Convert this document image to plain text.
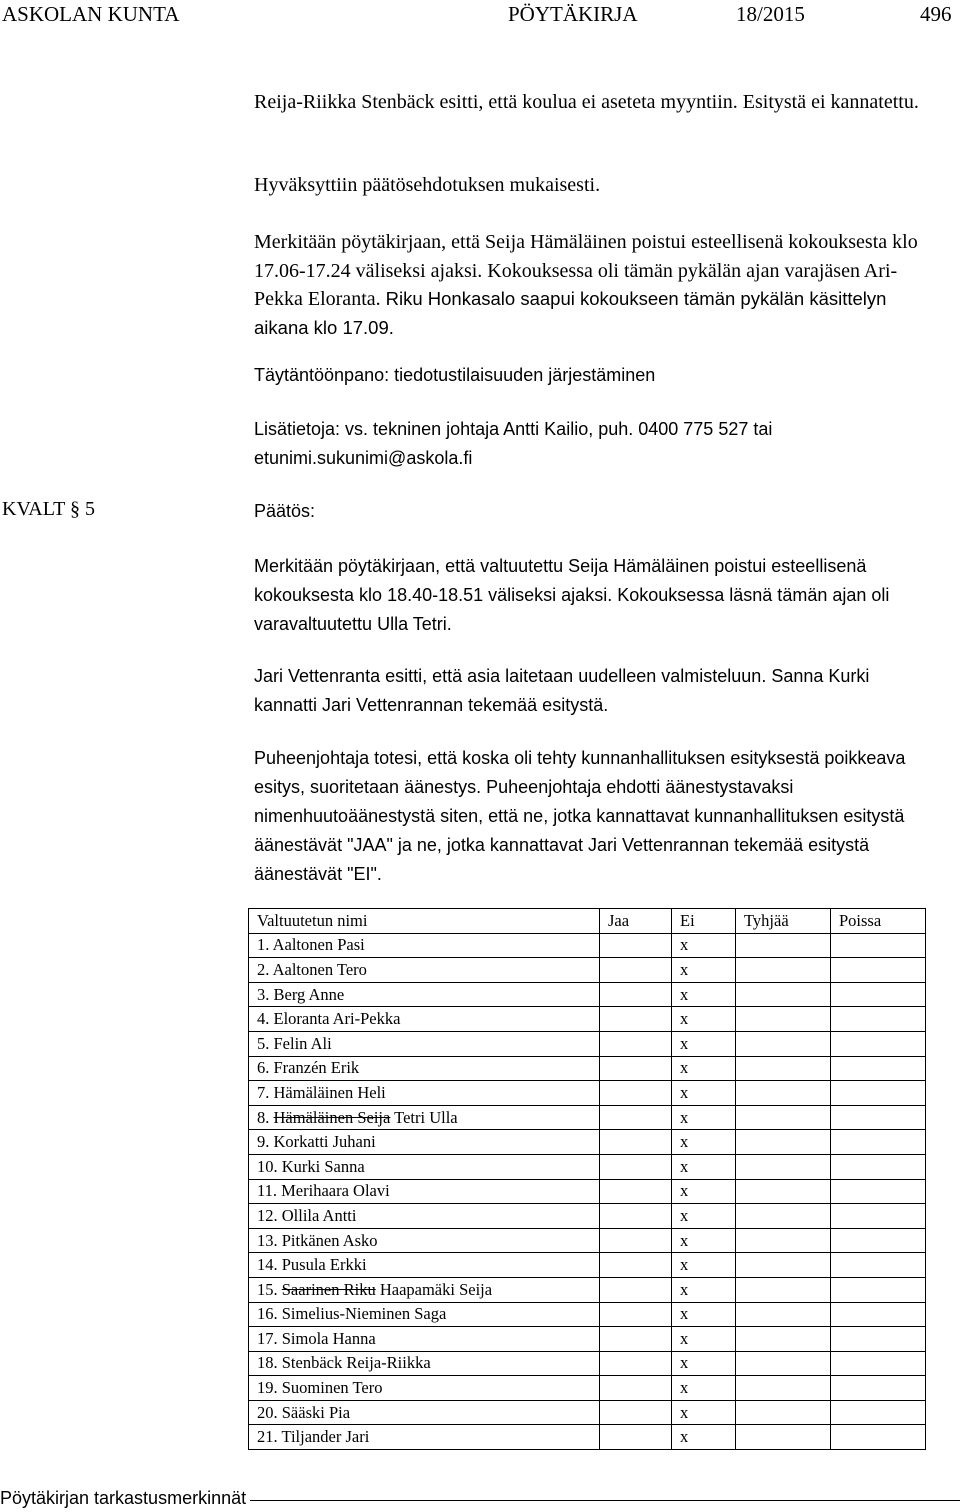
ASKOLAN KUNTA	PÖYTÄKIRJA	18/2015	496

Reija-Riikka Stenbäck esitti, että koulua ei aseteta myyntiin. Esitystä ei kannatettu.

Hyväksyttiin päätösehdotuksen mukaisesti.

Merkitään pöytäkirjaan, että Seija Hämäläinen poistui esteellisenä kokouksesta klo 17.06-17.24 väliseksi ajaksi. Kokouksessa oli tämän pykälän ajan varajäsen Ari-Pekka Eloranta. Riku Honkasalo saapui kokoukseen tämän pykälän käsittelyn aikana klo 17.09.

Täytäntöönpano: tiedotustilaisuuden järjestäminen

Lisätietoja: vs. tekninen johtaja Antti Kailio, puh. 0400 775 527 tai etunimi.sukunimi@askola.fi

KVALT § 5	Päätös:

Merkitään pöytäkirjaan, että valtuutettu Seija Hämäläinen poistui esteellisenä kokouksesta klo 18.40-18.51 väliseksi ajaksi. Kokouksessa läsnä tämän ajan oli varavaltuutettu Ulla Tetri.

Jari Vettenranta esitti, että asia laitetaan uudelleen valmisteluun. Sanna Kurki kannatti Jari Vettenrannan tekemää esitystä.

Puheenjohtaja totesi, että koska oli tehty kunnanhallituksen esityksestä poikkeava esitys, suoritetaan äänestys. Puheenjohtaja ehdotti äänestystavaksi nimenhuutoäänestystä siten, että ne, jotka kannattavat kunnanhallituksen esitystä äänestävät "JAA" ja ne, jotka kannattavat Jari Vettenrannan tekemää esitystä äänestävät "EI".

Valtuutetun nimi	Jaa	Ei	Tyhjää	Poissa
1. Aaltonen Pasi		x		
2. Aaltonen Tero		x		
3. Berg Anne		x		
4. Eloranta Ari-Pekka		x		
5. Felin Ali		x		
6. Franzén Erik		x		
7. Hämäläinen Heli		x		
8. Hämäläinen Seija Tetri Ulla		x		
9. Korkatti Juhani		x		
10. Kurki Sanna		x		
11. Merihaara Olavi		x		
12. Ollila Antti		x		
13. Pitkänen Asko		x		
14. Pusula Erkki		x		
15. Saarinen Riku Haapamäki Seija		x		
16. Simelius-Nieminen Saga		x		
17. Simola Hanna		x		
18. Stenbäck Reija-Riikka		x		
19. Suominen Tero		x		
20. Sääski Pia		x		
21. Tiljander Jari		x		
Pöytäkirjan tarkastusmerkinnät
